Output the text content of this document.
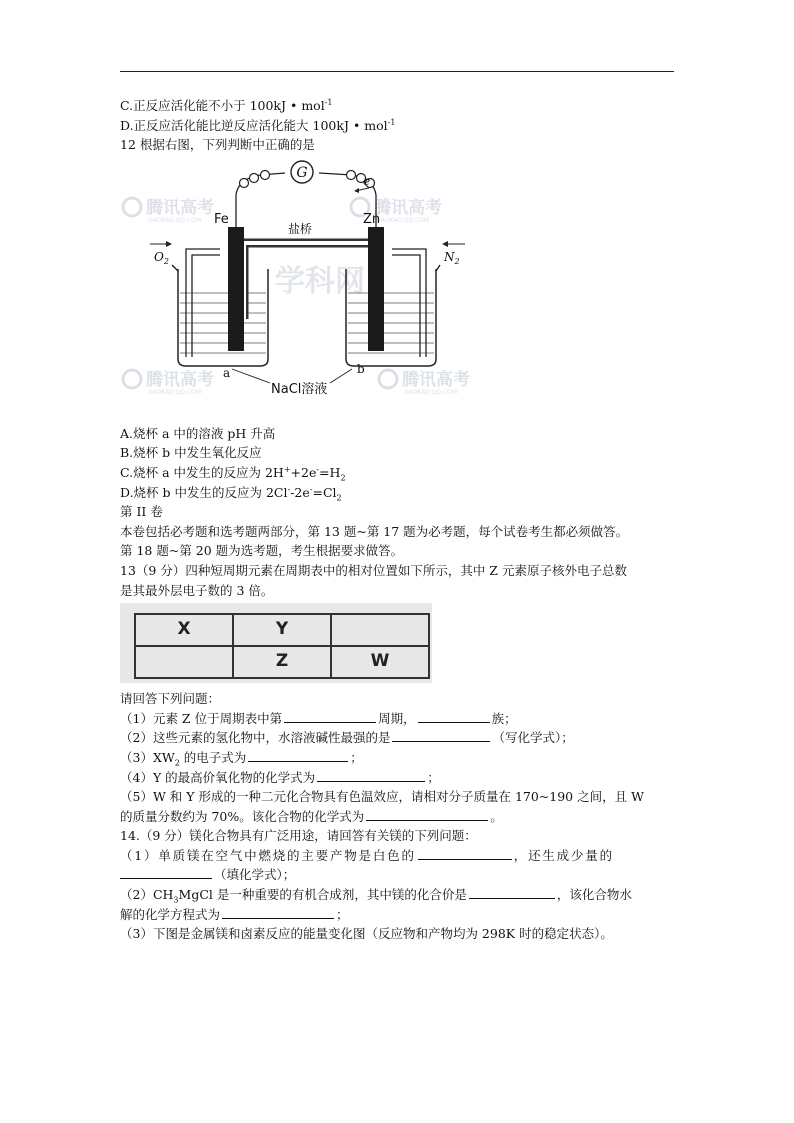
C.正反应活化能不小于 100kJ • mol$^{-1}$
D.正反应活化能比逆反应活化能大 100kJ • mol$^{-1}$
12 根据右图，下列判断中正确的是
腾讯高考
GAOKAO.QQ.COM
腾讯高考
GAOKAO.QQ.COM
腾讯高考
GAOKAO.QQ.COM
腾讯高考
GAOKAO.QQ.COM
学科网
G	e-
Fe	Zn
$O_2$	$N_2$
盐桥
a	b
NaCl溶液
A.烧杯 a 中的溶液 pH 升高
B.烧杯 b 中发生氧化反应
C.烧杯 a 中发生的反应为 $2H^++2e^-=H_2$
D.烧杯 b 中发生的反应为 $2Cl^--2e^-=Cl_2$
第 II 卷
本卷包括必考题和选考题两部分，第 13 题~第 17 题为必考题，每个试卷考生都必须做答。
第 18 题~第 20 题为选考题，考生根据要求做答。
13（9 分）四种短周期元素在周期表中的相对位置如下所示，其中 Z 元素原子核外电子总数
是其最外层电子数的 3 倍。
X	Y	
	Z	W
请回答下列问题：
（1）元素 Z 位于周期表中第	周期，	族；
（2）这些元素的氢化物中，水溶液碱性最强的是	（写化学式）；
$(3)XW_2$ 的电子式为	；
（4）Y 的最高价氧化物的化学式为	；
（5）W 和 Y 形成的一种二元化合物具有色温效应，请相对分子质量在 170~190 之间，且 W
的质量分数约为 70%。该化合物的化学式为	。
14.（9 分）镁化合物具有广泛用途，请回答有关镁的下列问题：
（1）单质镁在空气中燃烧的主要产物是白色的	，还生成少量的
（填化学式）；
$(2)CH_3MgCl$ 是一种重要的有机合成剂，其中镁的化合价是	，该化合物水
解的化学方程式为	；
（3）下图是金属镁和卤素反应的能量变化图（反应物和产物均为 298K 时的稳定状态）。
